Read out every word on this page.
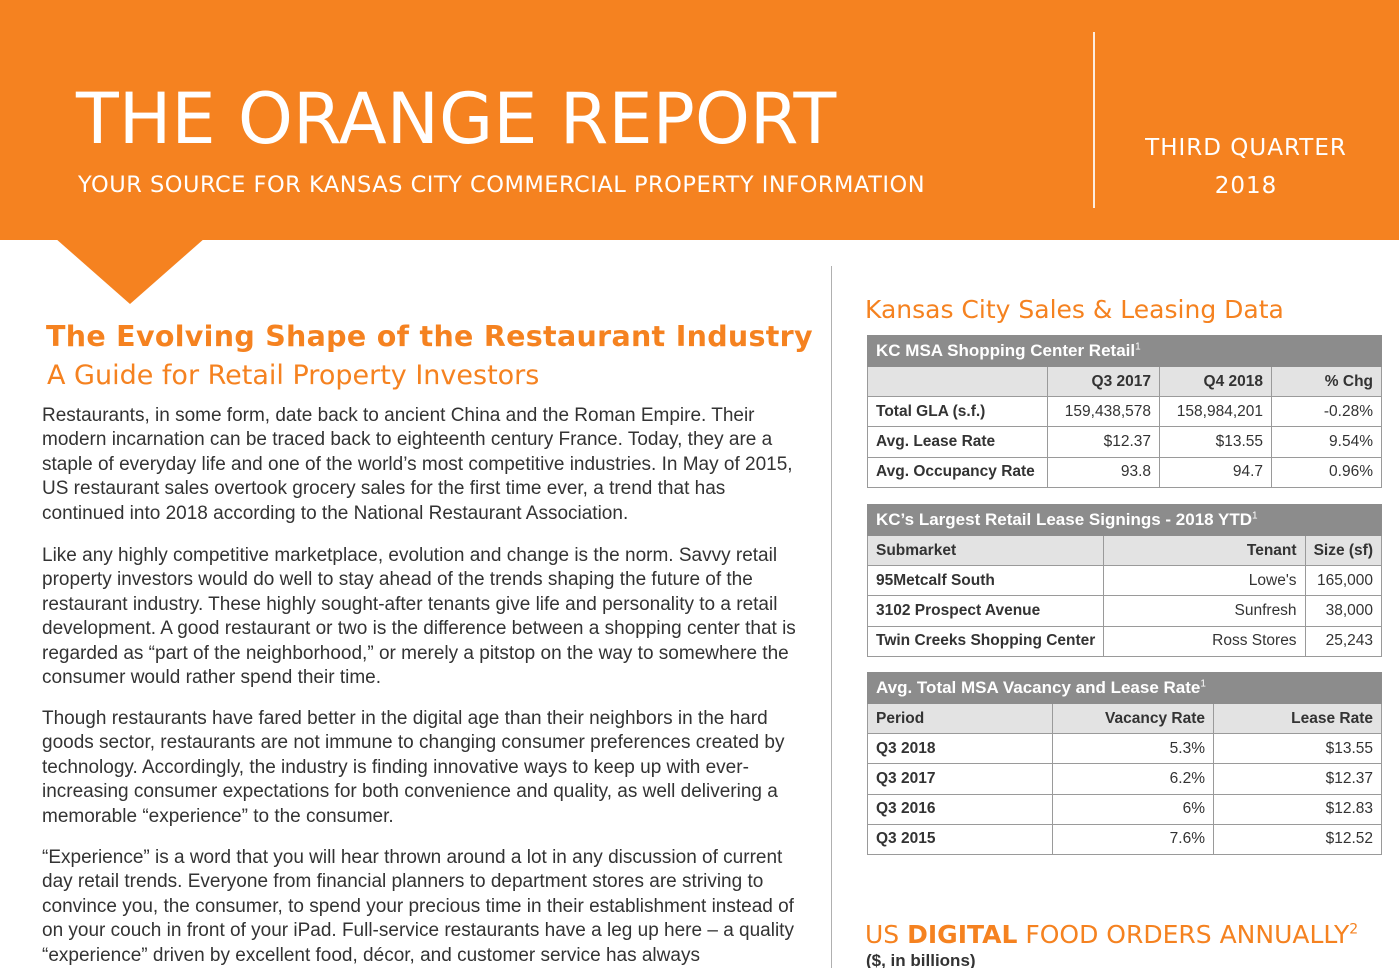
THE ORANGE REPORT
YOUR SOURCE FOR KANSAS CITY COMMERCIAL PROPERTY INFORMATION
THIRD QUARTER
2018
The Evolving Shape of the Restaurant Industry
A Guide for Retail Property Investors

Restaurants, in some form, date back to ancient China and the Roman Empire. Their modern incarnation can be traced back to eighteenth century France. Today, they are a staple of everyday life and one of the world’s most competitive industries. In May of 2015, US restaurant sales overtook grocery sales for the first time ever, a trend that has continued into 2018 according to the National Restaurant Association.

Like any highly competitive marketplace, evolution and change is the norm. Savvy retail property investors would do well to stay ahead of the trends shaping the future of the restaurant industry. These highly sought-after tenants give life and personality to a retail development. A good restaurant or two is the difference between a shopping center that is regarded as “part of the neighborhood,” or merely a pitstop on the way to somewhere the consumer would rather spend their time.

Though restaurants have fared better in the digital age than their neighbors in the hard goods sector, restaurants are not immune to changing consumer preferences created by technology. Accordingly, the industry is finding innovative ways to keep up with ever-increasing consumer expectations for both convenience and quality, as well delivering a memorable “experience” to the consumer.

“Experience” is a word that you will hear thrown around a lot in any discussion of current day retail trends. Everyone from financial planners to department stores are striving to convince you, the consumer, to spend your precious time in their establishment instead of on your couch in front of your iPad. Full-service restaurants have a leg up here – a quality “experience” driven by excellent food, décor, and customer service has always

Kansas City Sales & Leasing Data
KC MSA Shopping Center Retail$^1$
	Q3 2017	Q4 2018	% Chg
Total GLA (s.f.)	159,438,578	158,984,201	-0.28%
Avg. Lease Rate	$12.37	$13.55	9.54%
Avg. Occupancy Rate	93.8	94.7	0.96%
KC’s Largest Retail Lease Signings - 2018 YTD$^1$
Submarket	Tenant	Size (sf)
95Metcalf South	Lowe's	165,000
3102 Prospect Avenue	Sunfresh	38,000
Twin Creeks Shopping Center	Ross Stores	25,243
Avg. Total MSA Vacancy and Lease Rate$^1$
Period	Vacancy Rate	Lease Rate
Q3 2018	5.3%	$13.55
Q3 2017	6.2%	$12.37
Q3 2016	6%	$12.83
Q3 2015	7.6%	$12.52
US DIGITAL FOOD ORDERS ANNUALLY$^2$
($, in billions)
